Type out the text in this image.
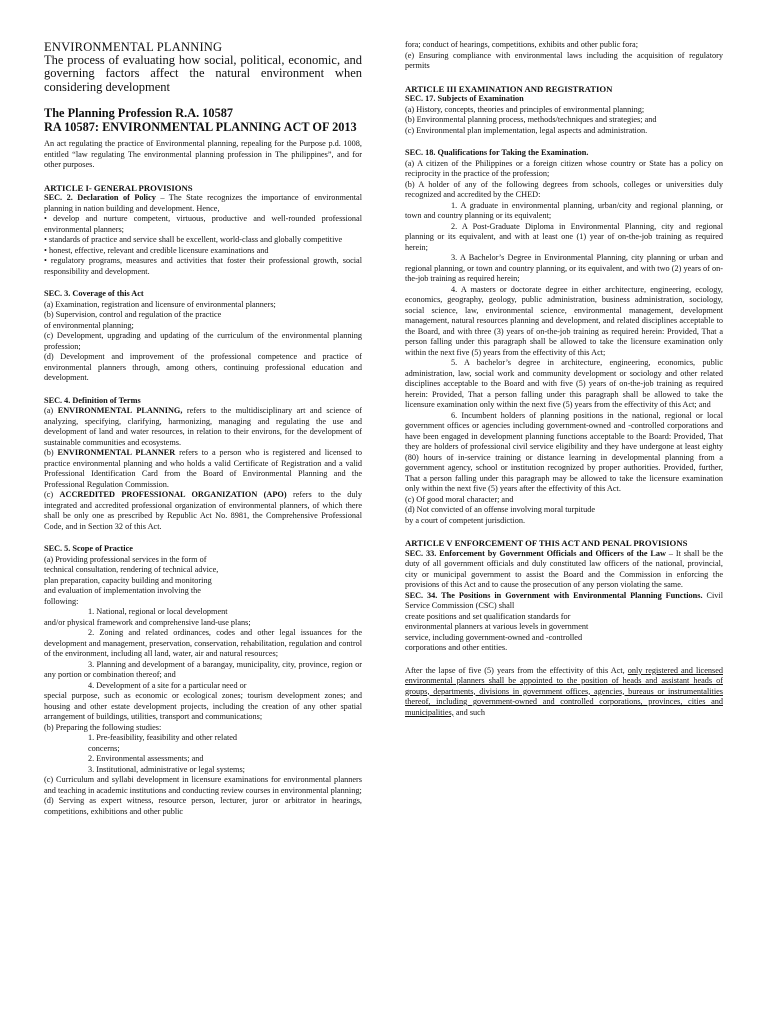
ENVIRONMENTAL PLANNING

The process of evaluating how social, political, economic, and governing factors affect the natural environment when considering development

The Planning Profession R.A. 10587
RA 10587: ENVIRONMENTAL PLANNING ACT OF 2013

An act regulating the practice of Environmental planning, repealing for the Purpose p.d. 1008, entitled “law regulating The environmental planning profession in The philippines”, and for other purposes.

ARTICLE I- GENERAL PROVISIONS

SEC. 2. Declaration of Policy – The State recognizes the importance of environmental planning in nation building and development. Hence,

• develop and nurture competent, virtuous, productive and well-rounded professional environmental planners;

• standards of practice and service shall be excellent, world-class and globally competitive

• honest, effective, relevant and credible licensure examinations and

• regulatory programs, measures and activities that foster their professional growth, social responsibility and development.

SEC. 3. Coverage of this Act

(a) Examination, registration and licensure of environmental planners;

(b) Supervision, control and regulation of the practice

of environmental planning;

(c) Development, upgrading and updating of the curriculum of the environmental planning profession;

(d) Development and improvement of the professional competence and practice of environmental planners through, among others, continuing professional education and development.

SEC. 4. Definition of Terms

(a) ENVIRONMENTAL PLANNING, refers to the multidisciplinary art and science of analyzing, specifying, clarifying, harmonizing, managing and regulating the use and development of land and water resources, in relation to their environs, for the development of sustainable communities and ecosystems.

(b) ENVIRONMENTAL PLANNER refers to a person who is registered and licensed to practice environmental planning and who holds a valid Certificate of Registration and a valid Professional Identification Card from the Board of Environmental Planning and the Professional Regulation Commission.

(c) ACCREDITED PROFESSIONAL ORGANIZATION (APO) refers to the duly integrated and accredited professional organization of environmental planners, of which there shall be only one as prescribed by Republic Act No. 8981, the Comprehensive Professional Code, and in Section 32 of this Act.

SEC. 5. Scope of Practice

(a) Providing professional services in the form of

technical consultation, rendering of technical advice,

plan preparation, capacity building and monitoring

and evaluation of implementation involving the

following:

1. National, regional or local development

and/or physical framework and comprehensive land-use plans;

2. Zoning and related ordinances, codes and other legal issuances for the development and management, preservation, conservation, rehabilitation, regulation and control of the environment, including all land, water, air and natural resources;

3. Planning and development of a barangay, municipality, city, province, region or any portion or combination thereof; and

4. Development of a site for a particular need or

special purpose, such as economic or ecological zones; tourism development zones; and housing and other estate development projects, including the creation of any other spatial arrangement of buildings, utilities, transport and communications;

(b) Preparing the following studies:

1. Pre-feasibility, feasibility and other related

concerns;

2. Environmental assessments; and

3. Institutional, administrative or legal systems;

(c) Curriculum and syllabi development in licensure examinations for environmental planners and teaching in academic institutions and conducting review courses in environmental planning;

(d) Serving as expert witness, resource person, lecturer, juror or arbitrator in hearings, competitions, exhibitions and other public

fora; conduct of hearings, competitions, exhibits and other public fora;

(e) Ensuring compliance with environmental laws including the acquisition of regulatory permits

ARTICLE III EXAMINATION AND REGISTRATION

SEC. 17. Subjects of Examination

(a) History, concepts, theories and principles of environmental planning;

(b) Environmental planning process, methods/techniques and strategies; and

(c) Environmental plan implementation, legal aspects and administration.

SEC. 18. Qualifications for Taking the Examination.

(a) A citizen of the Philippines or a foreign citizen whose country or State has a policy on reciprocity in the practice of the profession;

(b) A holder of any of the following degrees from schools, colleges or universities duly recognized and accredited by the CHED:

1. A graduate in environmental planning, urban/city and regional planning, or town and country planning or its equivalent;

2. A Post-Graduate Diploma in Environmental Planning, city and regional planning or its equivalent, and with at least one (1) year of on-the-job training as required herein;

3. A Bachelor’s Degree in Environmental Planning, city planning or urban and regional planning, or town and country planning, or its equivalent, and with two (2) years of on-the-job training as required herein;

4. A masters or doctorate degree in either architecture, engineering, ecology, economics, geography, geology, public administration, business administration, sociology, social science, law, environmental science, environmental management, development management, natural resources planning and development, and related disciplines acceptable to the Board, and with three (3) years of on-the-job training as required herein: Provided, That a person falling under this paragraph shall be allowed to take the licensure examination only within the next five (5) years from the effectivity of this Act;

5. A bachelor’s degree in architecture, engineering, economics, public administration, law, social work and community development or sociology and other related disciplines acceptable to the Board and with five (5) years of on-the-job training as required herein: Provided, That a person falling under this paragraph shall be allowed to take the licensure examination only within the next five (5) years from the effectivity of this Act; and

6. Incumbent holders of planning positions in the national, regional or local government offices or agencies including government-owned and -controlled corporations and have been engaged in development planning functions acceptable to the Board: Provided, That they are holders of professional civil service eligibility and they have undergone at least eighty (80) hours of in-service training or distance learning in developmental planning from a government agency, school or institution recognized by proper authorities. Provided, further, That a person falling under this paragraph may be allowed to take the licensure examination only within the next five (5) years after the effectivity of this Act.

(c) Of good moral character; and

(d) Not convicted of an offense involving moral turpitude

by a court of competent jurisdiction.

ARTICLE V ENFORCEMENT OF THIS ACT AND PENAL PROVISIONS

SEC. 33. Enforcement by Government Officials and Officers of the Law – It shall be the duty of all government officials and duly constituted law officers of the national, provincial, city or municipal government to assist the Board and the Commission in enforcing the provisions of this Act and to cause the prosecution of any person violating the same.

SEC. 34. The Positions in Government with Environmental Planning Functions. Civil Service Commission (CSC) shall

create positions and set qualification standards for

environmental planners at various levels in government

service, including government-owned and -controlled

corporations and other entities.

After the lapse of five (5) years from the effectivity of this Act, only registered and licensed environmental planners shall be appointed to the position of heads and assistant heads of groups, departments, divisions in government offices, agencies, bureaus or instrumentalities thereof, including government-owned and controlled corporations, provinces, cities and municipalities, and such
